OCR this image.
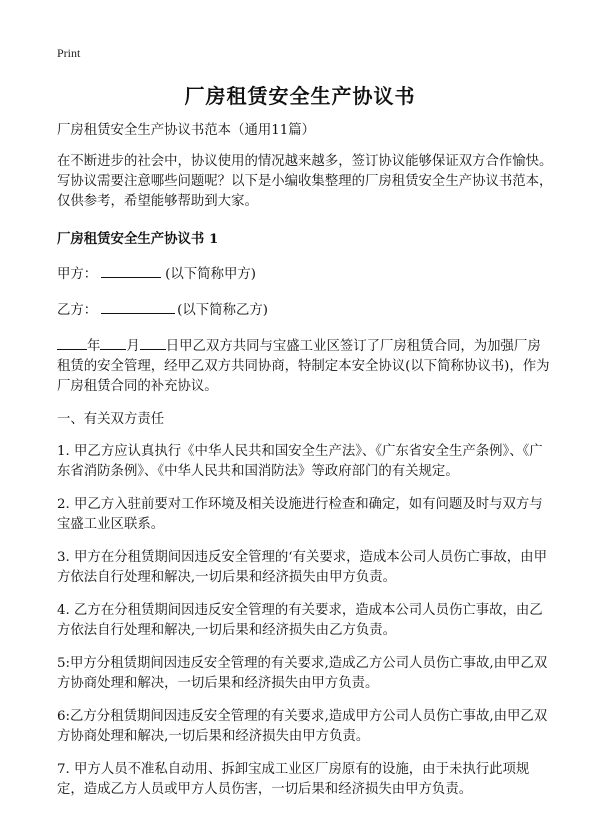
Print
厂房租赁安全生产协议书

厂房租赁安全生产协议书范本（通用11篇）

在不断进步的社会中，协议使用的情况越来越多，签订协议能够保证双方合作愉快。写协议需要注意哪些问题呢？以下是小编收集整理的厂房租赁安全生产协议书范本，仅供参考，希望能够帮助到大家。

厂房租赁安全生产协议书 1

甲方：	(以下简称甲方)

乙方：	(以下简称乙方)

年 月 日甲乙双方共同与宝盛工业区签订了厂房租赁合同，为加强厂房租赁的安全管理，经甲乙双方共同协商，特制定本安全协议(以下简称协议书)，作为厂房租赁合同的补充协议。

一、有关双方责任

1. 甲乙方应认真执行《中华人民共和国安全生产法》、《广东省安全生产条例》、《广东省消防条例》、《中华人民共和国消防法》等政府部门的有关规定。

2. 甲乙方入驻前要对工作环境及相关设施进行检查和确定，如有问题及时与双方与宝盛工业区联系。

3. 甲方在分租赁期间因违反安全管理的‘有关要求，造成本公司人员伤亡事故，由甲方依法自行处理和解决,一切后果和经济损失由甲方负责。

4. 乙方在分租赁期间因违反安全管理的有关要求，造成本公司人员伤亡事故，由乙方依法自行处理和解决,一切后果和经济损失由乙方负责。

5:甲方分租赁期间因违反安全管理的有关要求,造成乙方公司人员伤亡事故,由甲乙双方协商处理和解决，一切后果和经济损失由甲方负责。

6:乙方分租赁期间因违反安全管理的有关要求,造成甲方公司人员伤亡事故,由甲乙双方协商处理和解决,一切后果和经济损失由甲方负责。

7. 甲方人员不准私自动用、拆卸宝成工业区厂房原有的设施，由于未执行此项规定，造成乙方人员或甲方人员伤害，一切后果和经济损失由甲方负责。
